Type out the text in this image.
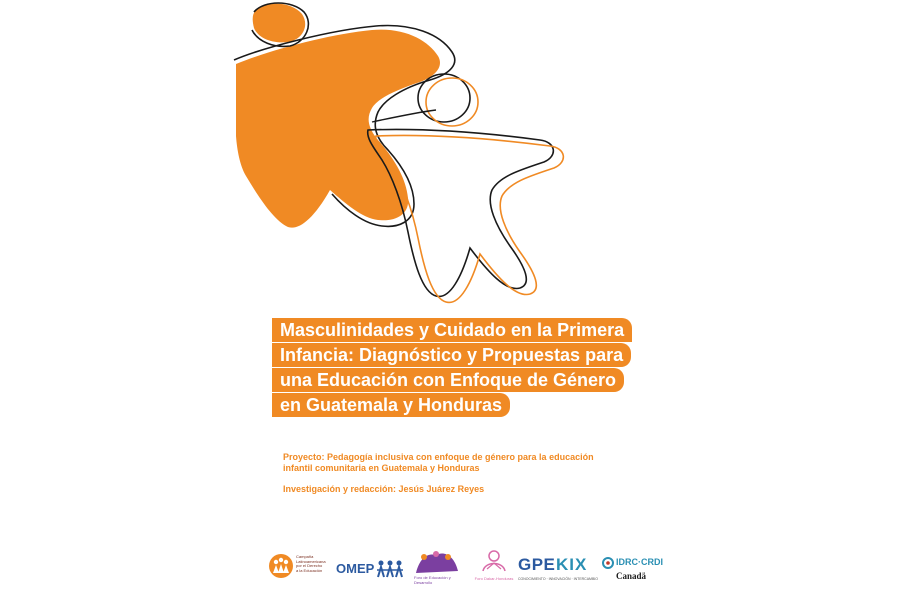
Masculinidades y Cuidado en la Primera
Infancia: Diagnóstico y Propuestas para
una Educación con Enfoque de Género
en Guatemala y Honduras
Proyecto: Pedagogía inclusiva con enfoque de género para la educación infantil comunitaria en Guatemala y Honduras
Investigación y redacción: Jesús Juárez Reyes
Campaña
Latinoamericana
por el Derecho
a la Educación OMEP
Foro de Educación y Desarrollo
Foro Dakar-Honduras
GPE KIX
CONOCIMIENTO · INNOVACIÓN · INTERCAMBIO
IDRC·CRDI
Canadä
